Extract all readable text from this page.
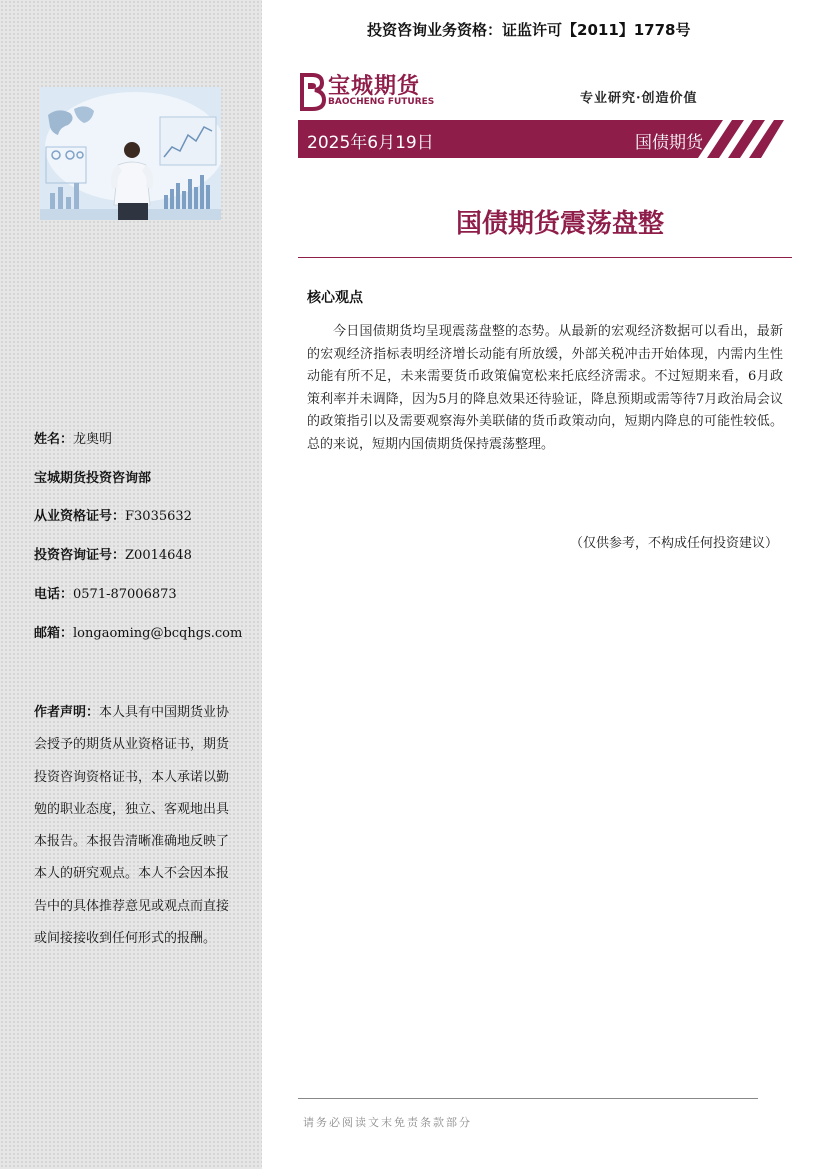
姓名：龙奥明
宝城期货投资咨询部
从业资格证号：F3035632
投资咨询证号：Z0014648
电话：0571-87006873
邮箱：longaoming@bcqhgs.com
作者声明：本人具有中国期货业协会授予的期货从业资格证书，期货投资咨询资格证书，本人承诺以勤勉的职业态度，独立、客观地出具本报告。本报告清晰准确地反映了本人的研究观点。本人不会因本报告中的具体推荐意见或观点而直接或间接接收到任何形式的报酬。
投资咨询业务资格：证监许可【2011】1778号
宝城期货
BAOCHENG FUTURES	专业研究·创造价值
2025年6月19日	国债期货
国债期货震荡盘整
核心观点

今日国债期货均呈现震荡盘整的态势。从最新的宏观经济数据可以看出，最新的宏观经济指标表明经济增长动能有所放缓，外部关税冲击开始体现，内需内生性动能有所不足，未来需要货币政策偏宽松来托底经济需求。不过短期来看，6月政策利率并未调降，因为5月的降息效果还待验证，降息预期或需等待7月政治局会议的政策指引以及需要观察海外美联储的货币政策动向，短期内降息的可能性较低。总的来说，短期内国债期货保持震荡整理。

（仅供参考，不构成任何投资建议）
请务必阅读文末免责条款部分
